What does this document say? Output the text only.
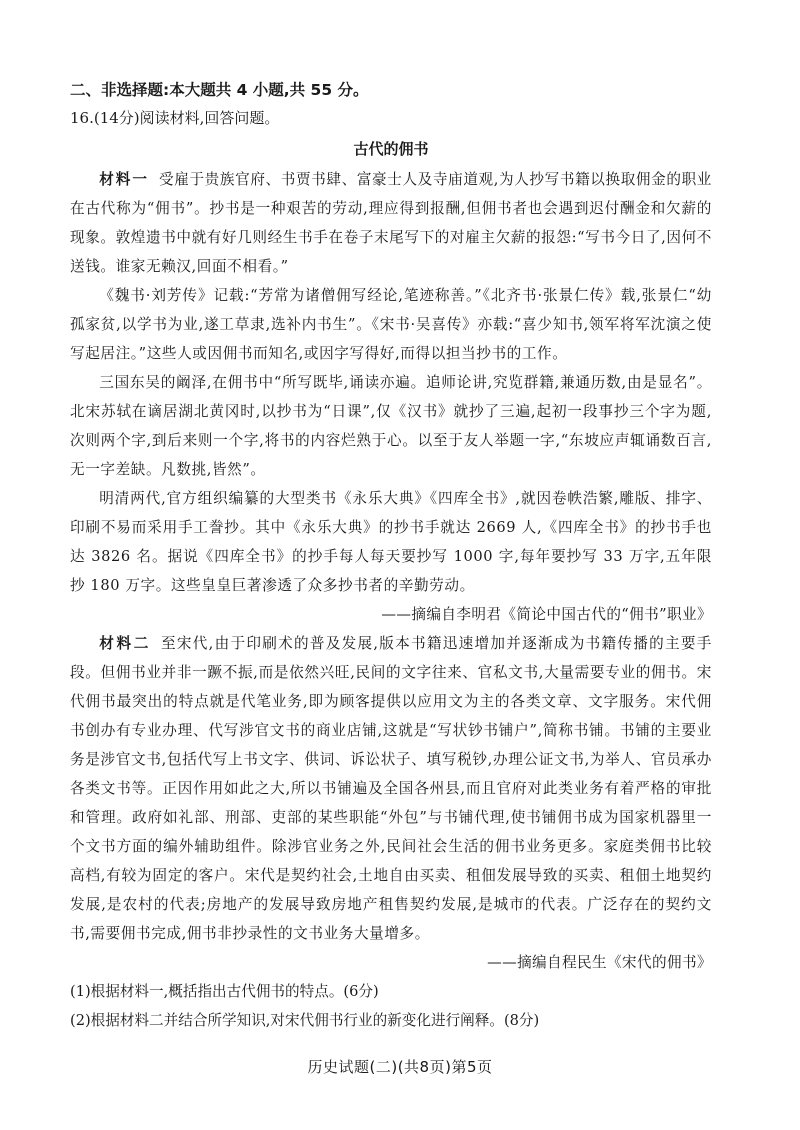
二、非选择题:本大题共 4 小题,共 55 分。

16.(14分)阅读材料,回答问题。

古代的佣书

材料一 受雇于贵族官府、书贾书肆、富豪士人及寺庙道观,为人抄写书籍以换取佣金的职业在古代称为“佣书”。抄书是一种艰苦的劳动,理应得到报酬,但佣书者也会遇到迟付酬金和欠薪的现象。敦煌遗书中就有好几则经生书手在卷子末尾写下的对雇主欠薪的报怨:“写书今日了,因何不送钱。谁家无赖汉,回面不相看。”

《魏书·刘芳传》记载:“芳常为诸僧佣写经论,笔迹称善。”《北齐书·张景仁传》载,张景仁“幼孤家贫,以学书为业,遂工草隶,选补内书生”。《宋书·吴喜传》亦载:“喜少知书,领军将军沈演之使写起居注。”这些人或因佣书而知名,或因字写得好,而得以担当抄书的工作。

三国东吴的阚泽,在佣书中“所写既毕,诵读亦遍。追师论讲,究览群籍,兼通历数,由是显名”。北宋苏轼在谪居湖北黄冈时,以抄书为“日课”,仅《汉书》就抄了三遍,起初一段事抄三个字为题,次则两个字,到后来则一个字,将书的内容烂熟于心。以至于友人举题一字,“东坡应声辄诵数百言,无一字差缺。凡数挑,皆然”。

明清两代,官方组织编纂的大型类书《永乐大典》《四库全书》,就因卷帙浩繁,雕版、排字、印刷不易而采用手工誊抄。其中《永乐大典》的抄书手就达 2669 人,《四库全书》的抄书手也达 3826 名。据说《四库全书》的抄手每人每天要抄写 1000 字,每年要抄写 33 万字,五年限抄 180 万字。这些皇皇巨著渗透了众多抄书者的辛勤劳动。

——摘编自李明君《简论中国古代的“佣书”职业》

材料二 至宋代,由于印刷术的普及发展,版本书籍迅速增加并逐渐成为书籍传播的主要手段。但佣书业并非一蹶不振,而是依然兴旺,民间的文字往来、官私文书,大量需要专业的佣书。宋代佣书最突出的特点就是代笔业务,即为顾客提供以应用文为主的各类文章、文字服务。宋代佣书创办有专业办理、代写涉官文书的商业店铺,这就是“写状钞书铺户”,简称书铺。书铺的主要业务是涉官文书,包括代写上书文字、供词、诉讼状子、填写税钞,办理公证文书,为举人、官员承办各类文书等。正因作用如此之大,所以书铺遍及全国各州县,而且官府对此类业务有着严格的审批和管理。政府如礼部、刑部、吏部的某些职能“外包”与书铺代理,使书铺佣书成为国家机器里一个文书方面的编外辅助组件。除涉官业务之外,民间社会生活的佣书业务更多。家庭类佣书比较高档,有较为固定的客户。宋代是契约社会,土地自由买卖、租佃发展导致的买卖、租佃土地契约发展,是农村的代表;房地产的发展导致房地产租售契约发展,是城市的代表。广泛存在的契约文书,需要佣书完成,佣书非抄录性的文书业务大量增多。

——摘编自程民生《宋代的佣书》

(1)根据材料一,概括指出古代佣书的特点。(6分)

(2)根据材料二并结合所学知识,对宋代佣书行业的新变化进行阐释。(8分)

历史试题(二)(共8页)第5页
